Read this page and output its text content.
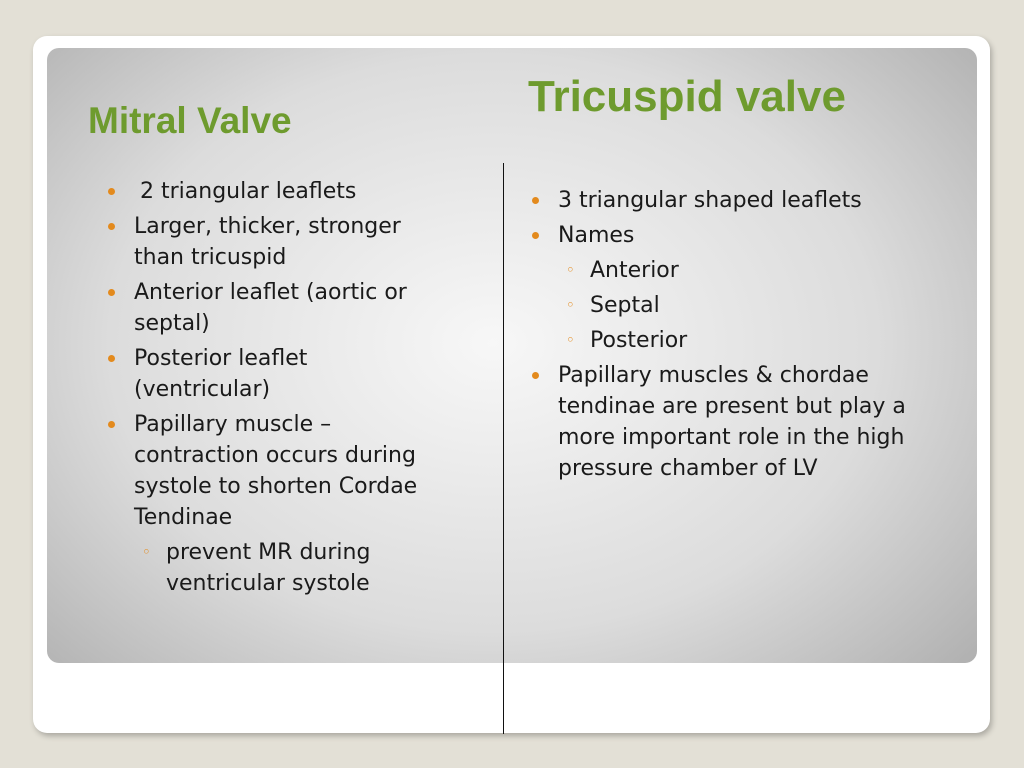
Mitral Valve	Tricuspid valve
2 triangular leaflets
Larger, thicker, stronger than tricuspid
Anterior leaflet (aortic or septal)
Posterior leaflet (ventricular)
Papillary muscle – contraction occurs during systole to shorten Cordae Tendinae
◦ prevent MR during ventricular systole
3 triangular shaped leaflets
Names
◦ Anterior
◦ Septal
◦ Posterior
Papillary muscles & chordae tendinae are present but play a more important role in the high pressure chamber of LV
